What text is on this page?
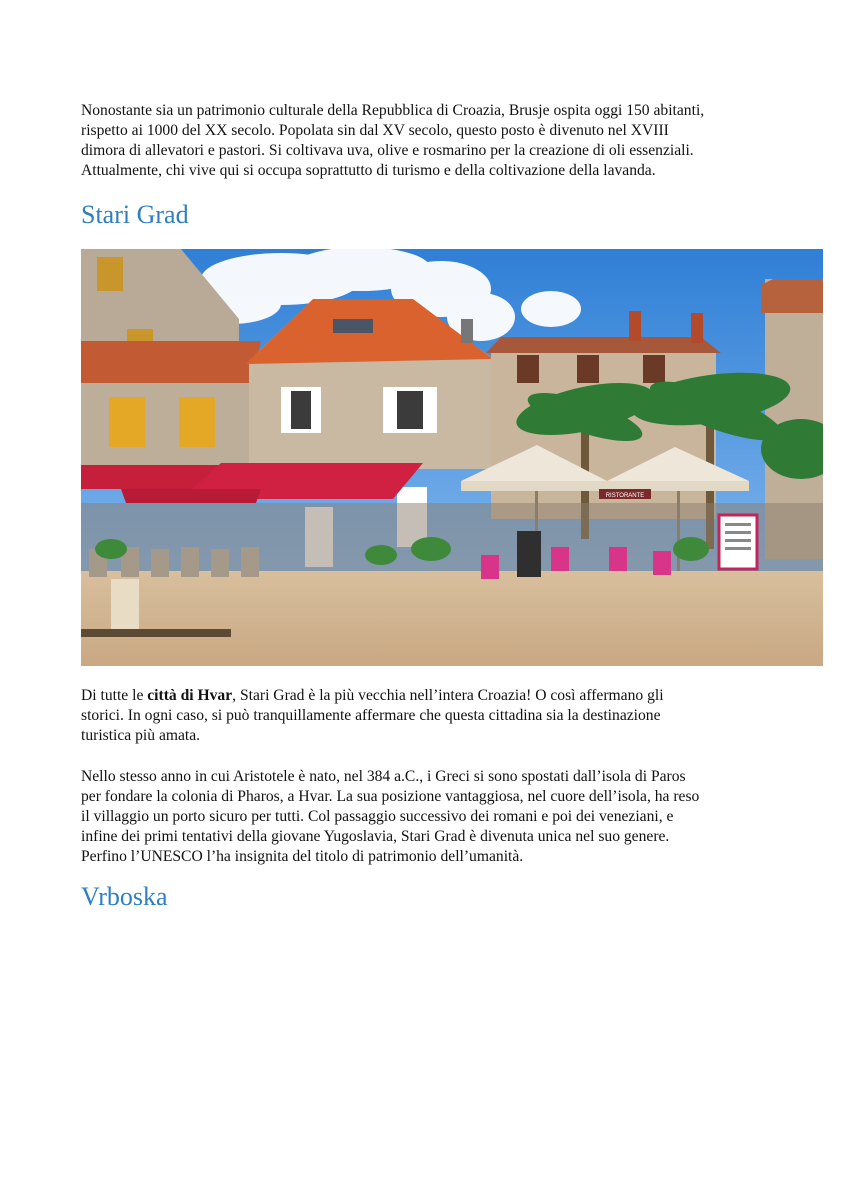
Nonostante sia un patrimonio culturale della Repubblica di Croazia, Brusje ospita oggi 150 abitanti,
rispetto ai 1000 del XX secolo. Popolata sin dal XV secolo, questo posto è divenuto nel XVIII
dimora di allevatori e pastori. Si coltivava uva, olive e rosmarino per la creazione di oli essenziali.
Attualmente, chi vive qui si occupa soprattutto di turismo e della coltivazione della lavanda.

Stari Grad
RISTORANTE

Di tutte le città di Hvar, Stari Grad è la più vecchia nell’intera Croazia! O così affermano gli
storici. In ogni caso, si può tranquillamente affermare che questa cittadina sia la destinazione
turistica più amata.

Nello stesso anno in cui Aristotele è nato, nel 384 a.C., i Greci si sono spostati dall’isola di Paros
per fondare la colonia di Pharos, a Hvar. La sua posizione vantaggiosa, nel cuore dell’isola, ha reso
il villaggio un porto sicuro per tutti. Col passaggio successivo dei romani e poi dei veneziani, e
infine dei primi tentativi della giovane Yugoslavia, Stari Grad è divenuta unica nel suo genere.
Perfino l’UNESCO l’ha insignita del titolo di patrimonio dell’umanità.

Vrboska
